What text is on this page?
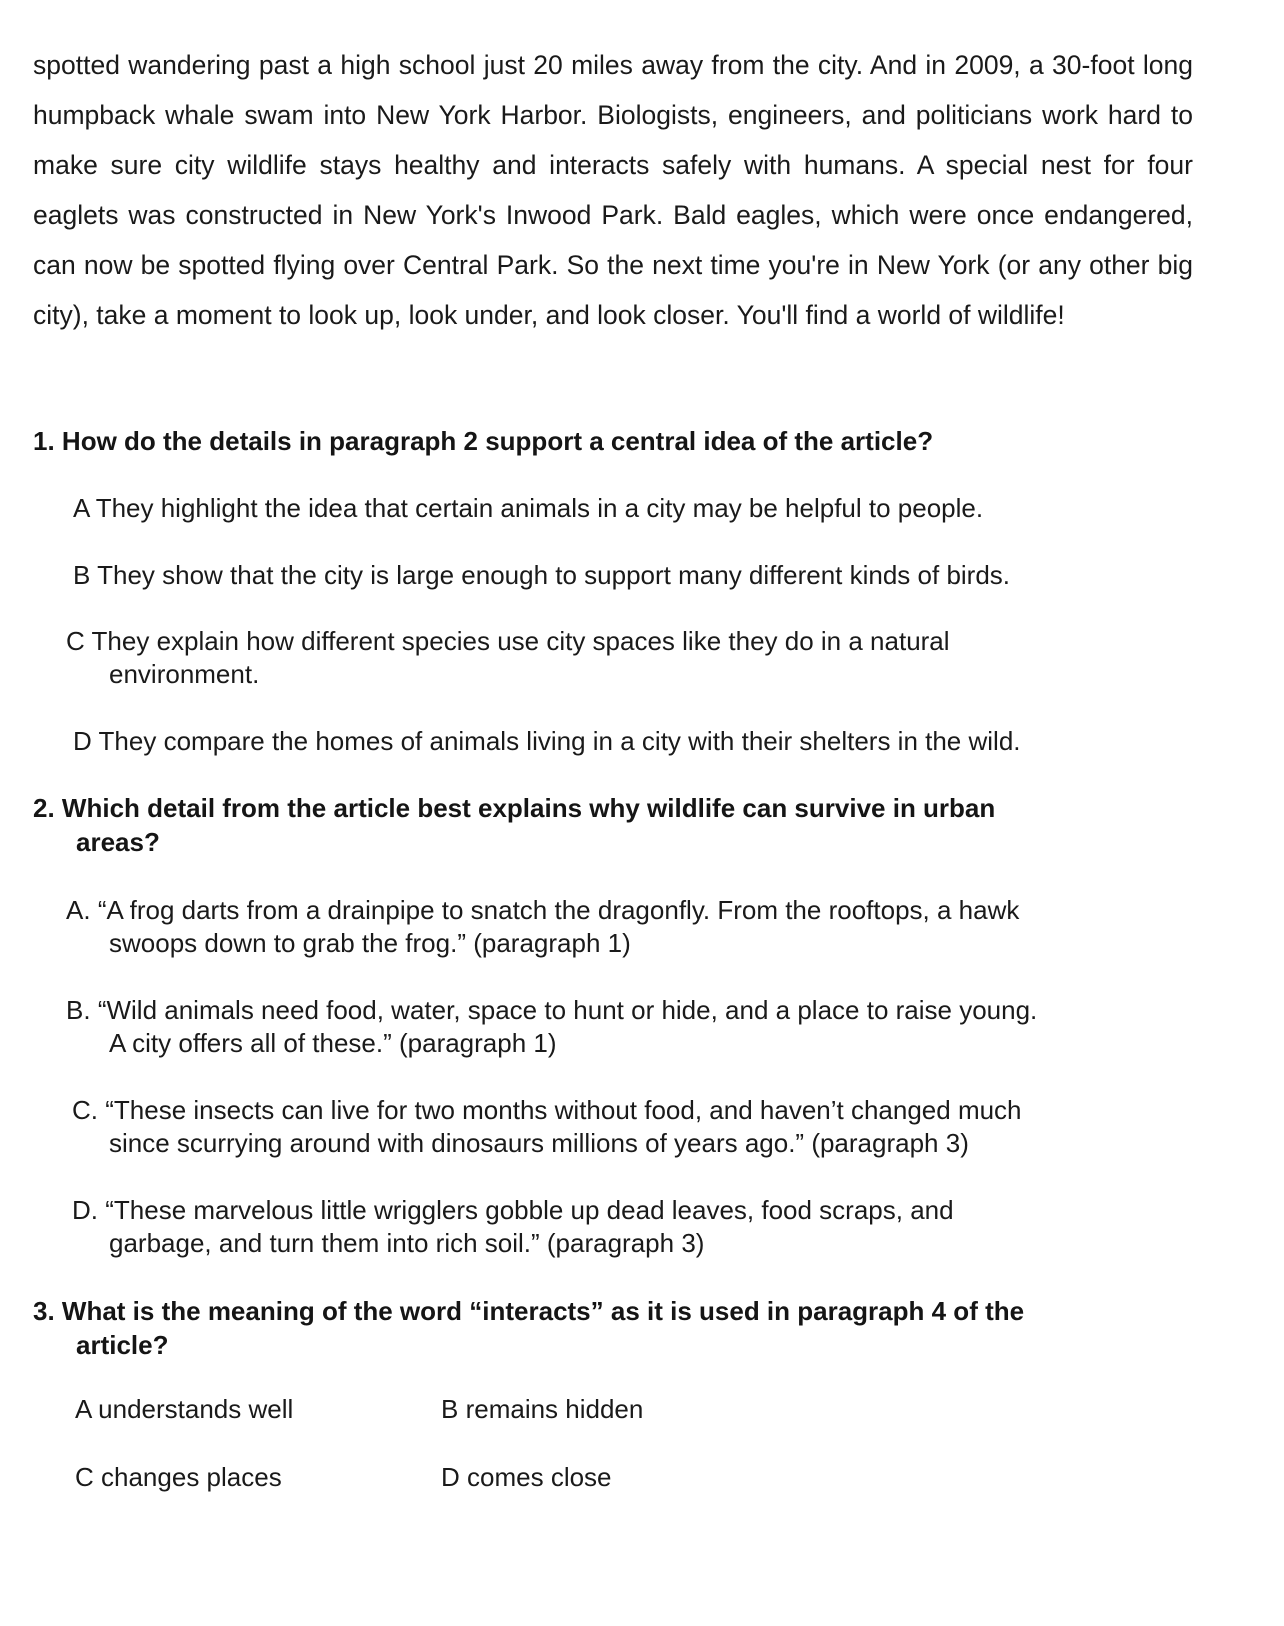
spotted wandering past a high school just 20 miles away from the city. And in 2009, a 30-foot long humpback whale swam into New York Harbor. Biologists, engineers, and politicians work hard to make sure city wildlife stays healthy and interacts safely with humans. A special nest for four eaglets was constructed in New York's Inwood Park. Bald eagles, which were once endangered, can now be spotted flying over Central Park. So the next time you're in New York (or any other big city), take a moment to look up, look under, and look closer. You'll find a world of wildlife!
1. How do the details in paragraph 2 support a central idea of the article?
A They highlight the idea that certain animals in a city may be helpful to people.
B They show that the city is large enough to support many different kinds of birds.
C They explain how different species use city spaces like they do in a natural
environment.
D They compare the homes of animals living in a city with their shelters in the wild.
2. Which detail from the article best explains why wildlife can survive in urban
areas?
A. “A frog darts from a drainpipe to snatch the dragonfly. From the rooftops, a hawk
swoops down to grab the frog.” (paragraph 1)
B. “Wild animals need food, water, space to hunt or hide, and a place to raise young.
A city offers all of these.” (paragraph 1)
C. “These insects can live for two months without food, and haven’t changed much
since scurrying around with dinosaurs millions of years ago.” (paragraph 3)
D. “These marvelous little wrigglers gobble up dead leaves, food scraps, and
garbage, and turn them into rich soil.” (paragraph 3)
3. What is the meaning of the word “interacts” as it is used in paragraph 4 of the
article?
A understands well	B remains hidden
C changes places	D comes close
